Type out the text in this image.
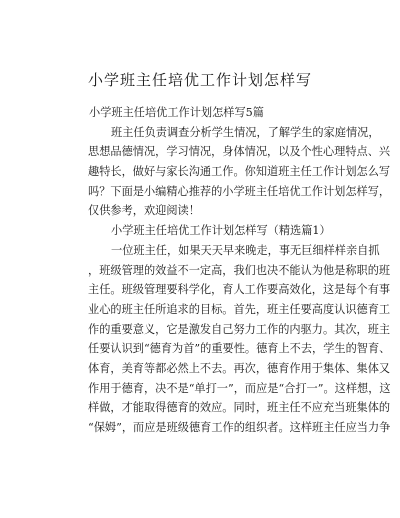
小学班主任培优工作计划怎样写
小学班主任培优工作计划怎样写5篇
班主任负责调查分析学生情况，了解学生的家庭情况，
思想品德情况，学习情况，身体情况，以及个性心理特点、兴
趣特长，做好与家长沟通工作。你知道班主任工作计划怎么写
吗？下面是小编精心推荐的小学班主任培优工作计划怎样写，
仅供参考，欢迎阅读！
小学班主任培优工作计划怎样写（精选篇1）
一位班主任，如果天天早来晚走，事无巨细样样亲自抓
，班级管理的效益不一定高，我们也决不能认为他是称职的班
主任。班级管理要科学化，育人工作要高效化，这是每个有事
业心的班主任所追求的目标。首先，班主任要高度认识德育工
作的重要意义，它是激发自己努力工作的内驱力。其次，班主
任要认识到“德育为首”的重要性。德育上不去，学生的智育、
体育，美育等都必然上不去。再次，德育作用于集体、集体又
作用于德育，决不是“单打一”，而应是“合打一”。这样想，这
样做，才能取得德育的效应。同时，班主任不应充当班集体的
“保姆”，而应是班级德育工作的组织者。这样班主任应当力争
